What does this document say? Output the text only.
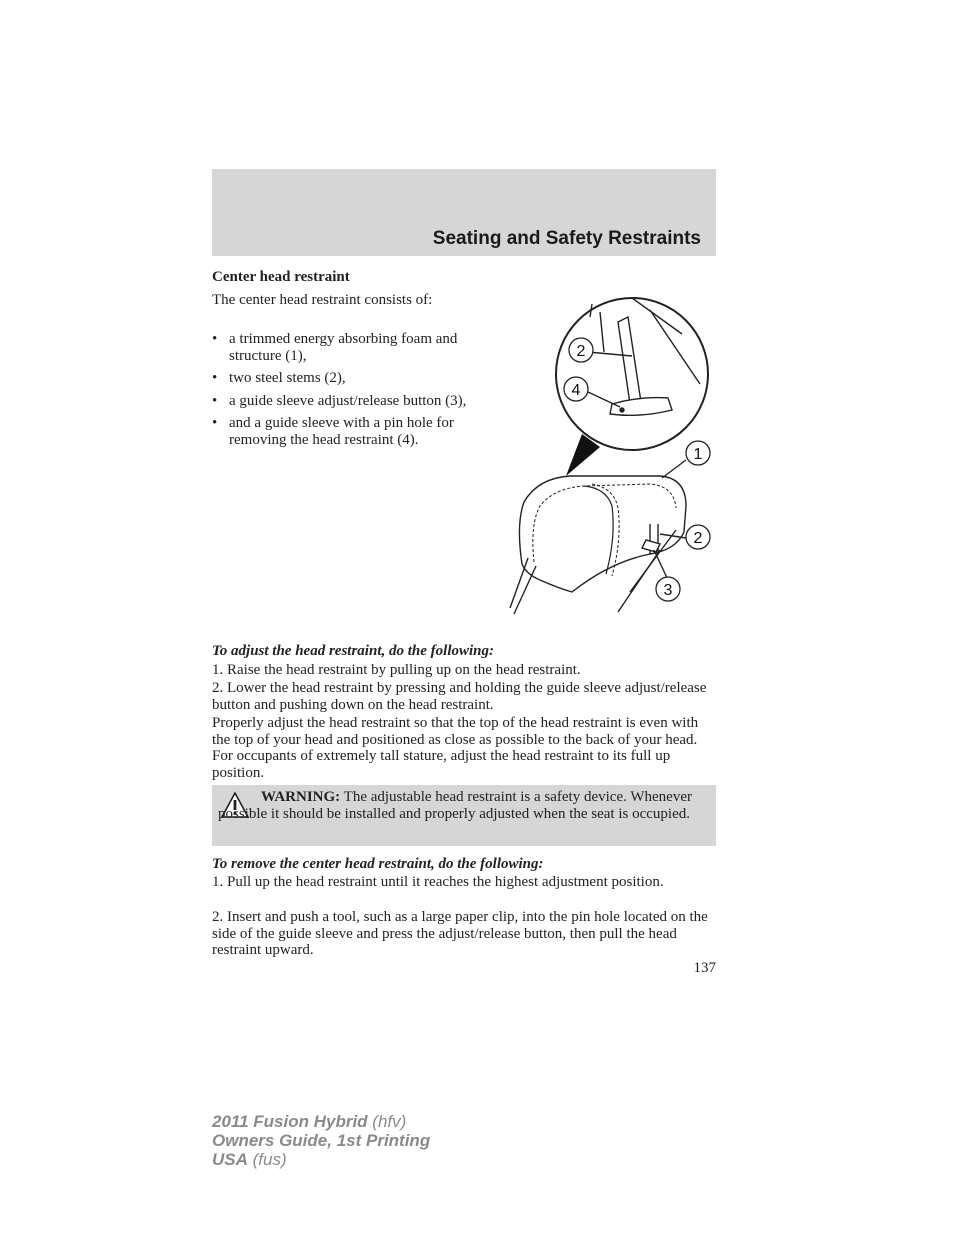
Seating and Safety Restraints
Center head restraint

The center head restraint consists of:

• a trimmed energy absorbing foam and structure (1),
• two steel stems (2),
• a guide sleeve adjust/release button (3),
• and a guide sleeve with a pin hole for removing the head restraint (4).
2
4
1
2
3

To adjust the head restraint, do the following:

1. Raise the head restraint by pulling up on the head restraint.

2. Lower the head restraint by pressing and holding the guide sleeve adjust/release button and pushing down on the head restraint.

Properly adjust the head restraint so that the top of the head restraint is even with the top of your head and positioned as close as possible to the back of your head. For occupants of extremely tall stature, adjust the head restraint to its full up position.

WARNING: The adjustable head restraint is a safety device. Whenever possible it should be installed and properly adjusted when the seat is occupied.

To remove the center head restraint, do the following:

1. Pull up the head restraint until it reaches the highest adjustment position.

2. Insert and push a tool, such as a large paper clip, into the pin hole located on the side of the guide sleeve and press the adjust/release button, then pull the head restraint upward.

137

2011 Fusion Hybrid (hfv)
Owners Guide, 1st Printing
USA (fus)
